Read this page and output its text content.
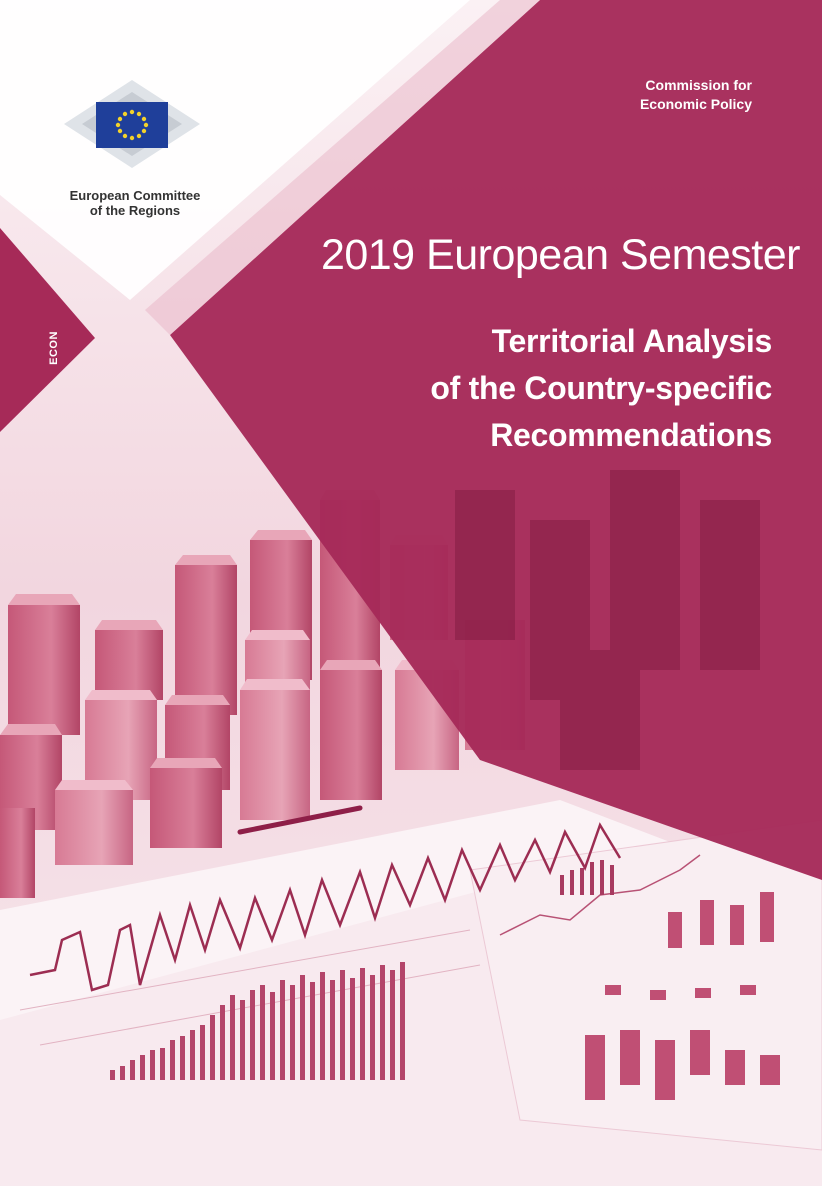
European Committee
of the Regions
Commission for
Economic Policy
ECON
2019 European Semester
Territorial Analysis
of the Country-specific
Recommendations
